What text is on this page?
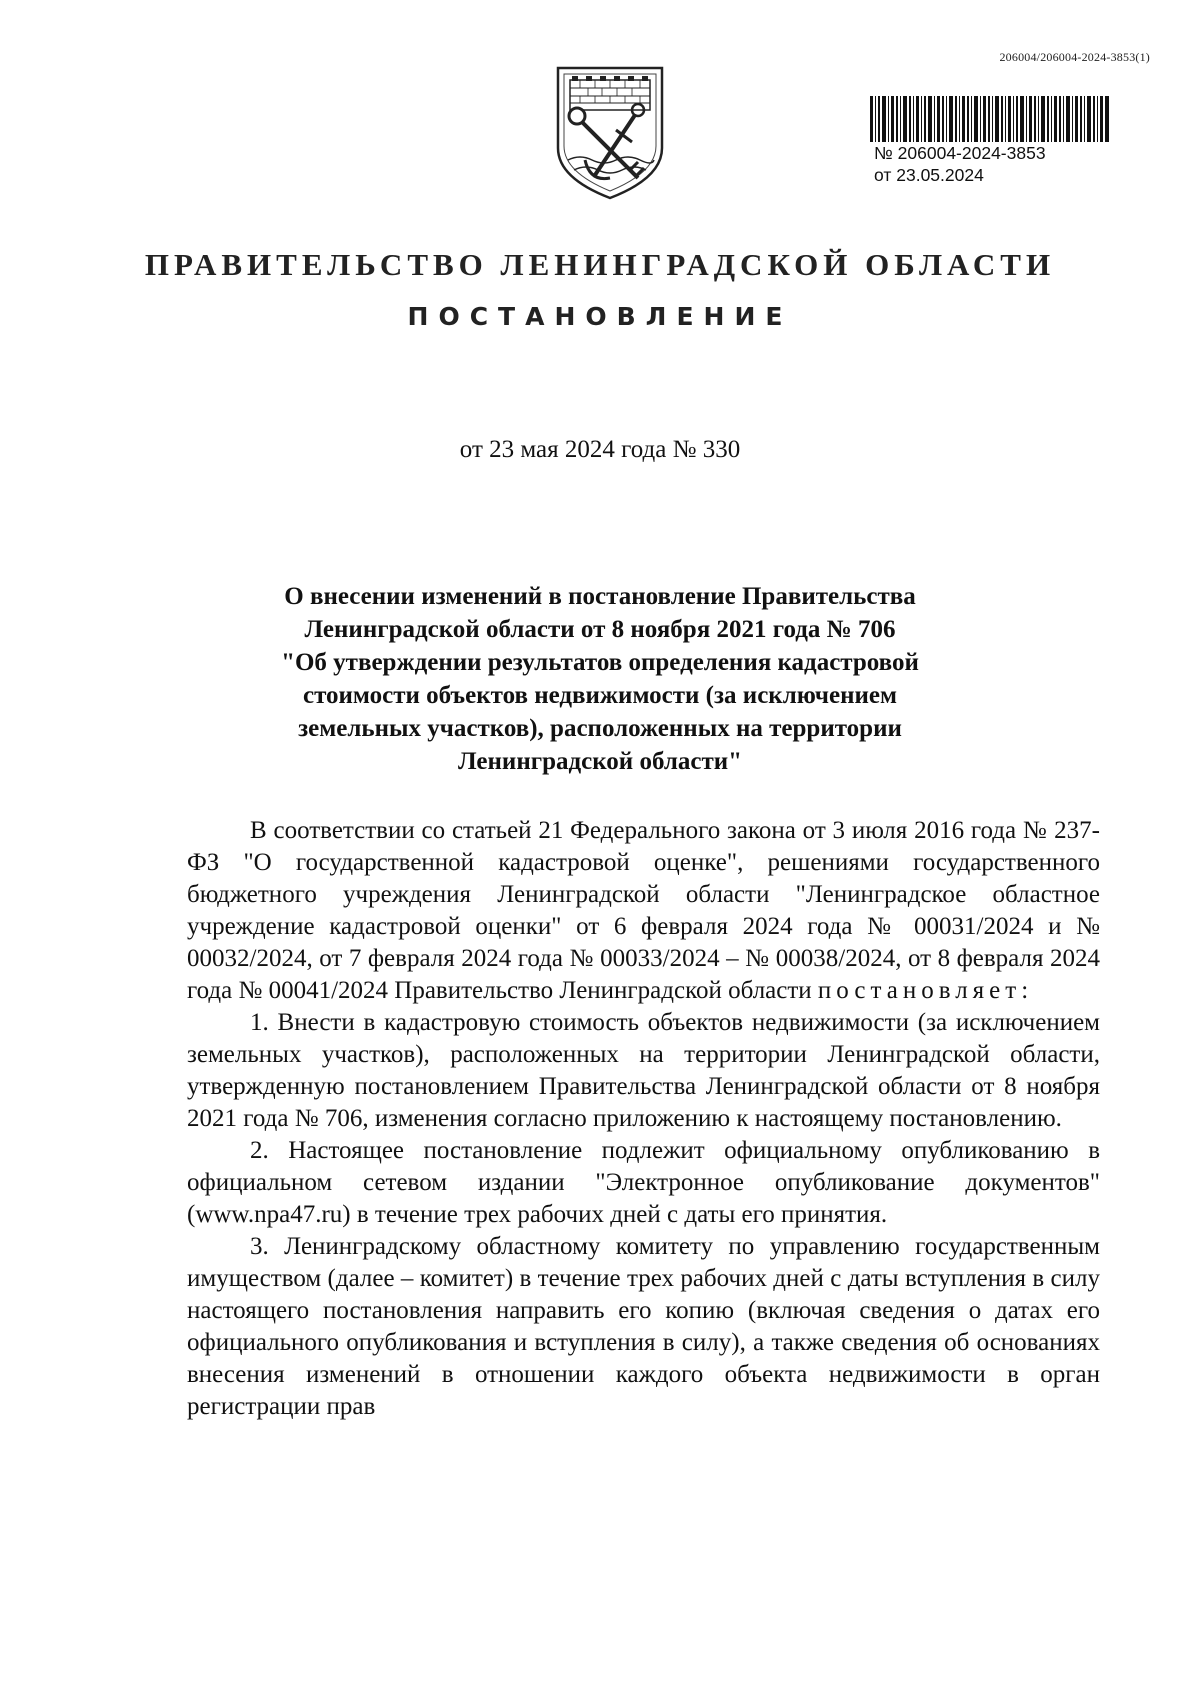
206004/206004-2024-3853(1)
№ 206004-2024-3853
от 23.05.2024
ПРАВИТЕЛЬСТВО ЛЕНИНГРАДСКОЙ ОБЛАСТИ
ПОСТАНОВЛЕНИЕ
от 23 мая 2024 года № 330
О внесении изменений в постановление Правительства
Ленинградской области от 8 ноября 2021 года № 706
"Об утверждении результатов определения кадастровой
стоимости объектов недвижимости (за исключением
земельных участков), расположенных на территории
Ленинградской области"

В соответствии со статьей 21 Федерального закона от 3 июля 2016 года № 237-ФЗ "О государственной кадастровой оценке", решениями государственного бюджетного учреждения Ленинградской области "Ленинградское областное учреждение кадастровой оценки" от 6 февраля 2024 года № 00031/2024 и № 00032/2024, от 7 февраля 2024 года № 00033/2024 – № 00038/2024, от 8 февраля 2024 года № 00041/2024 Правительство Ленинградской области постановляет:

1. Внести в кадастровую стоимость объектов недвижимости (за исключением земельных участков), расположенных на территории Ленинградской области, утвержденную постановлением Правительства Ленинградской области от 8 ноября 2021 года № 706, изменения согласно приложению к настоящему постановлению.

2. Настоящее постановление подлежит официальному опубликованию в официальном сетевом издании "Электронное опубликование документов" (www.npa47.ru) в течение трех рабочих дней с даты его принятия.

3. Ленинградскому областному комитету по управлению государственным имуществом (далее – комитет) в течение трех рабочих дней с даты вступления в силу настоящего постановления направить его копию (включая сведения о датах его официального опубликования и вступления в силу), а также сведения об основаниях внесения изменений в отношении каждого объекта недвижимости в орган регистрации прав
